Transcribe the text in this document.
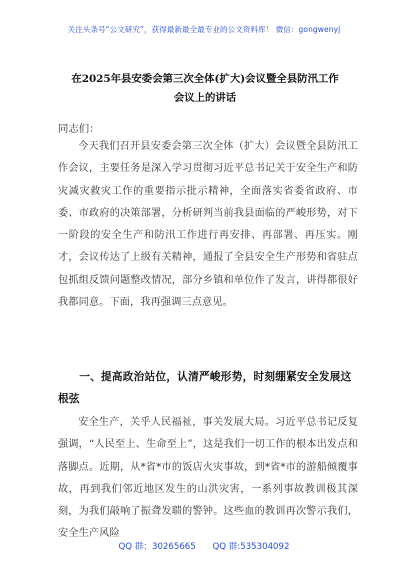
关注头条号“公文研究”，获得最新最全最专业的公文资料库！ 微信：gongwenyj
在2025年县安委会第三次全体(扩大)会议暨全县防汛工作
会议上的讲话
同志们：
今天我们召开县安委会第三次全体（扩大）会议暨全县防汛工作会议，主要任务是深入学习贯彻习近平总书记关于安全生产和防灾减灾救灾工作的重要指示批示精神，全面落实省委省政府、市委、市政府的决策部署，分析研判当前我县面临的严峻形势，对下一阶段的安全生产和防汛工作进行再安排、再部署、再压实。刚才，会议传达了上级有关精神，通报了全县安全生产形势和省驻点包抓组反馈问题整改情况，部分乡镇和单位作了发言，讲得都很好我都同意。下面，我再强调三点意见。
一、提高政治站位，认清严峻形势，时刻绷紧安全发展这根弦
安全生产，关乎人民福祉，事关发展大局。习近平总书记反复强调，“人民至上、生命至上”，这是我们一切工作的根本出发点和落脚点。近期，从*省*市的饭店火灾事故，到*省*市的游船倾覆事故，再到我们邻近地区发生的山洪灾害，一系列事故教训极其深刻，为我们敲响了振聋发聩的警钟。这些血的教训再次警示我们，安全生产风险
QQ 群：30265665 QQ 群:535304092
